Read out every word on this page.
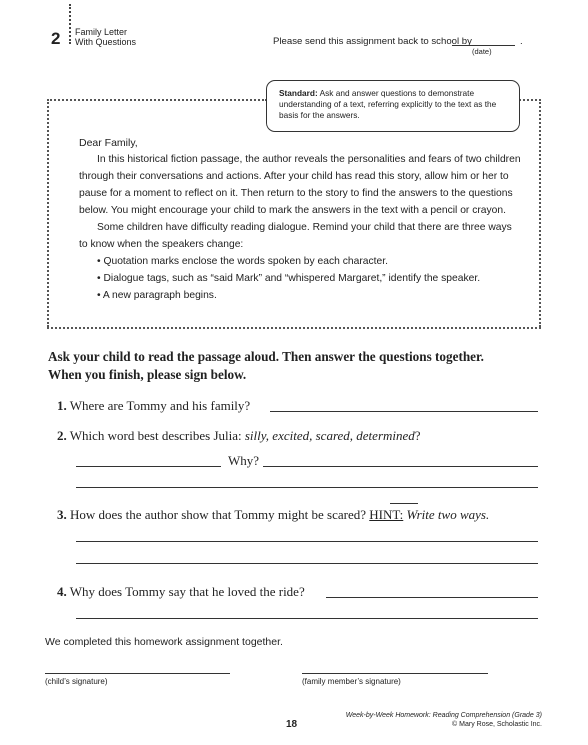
2 Family Letter
With Questions	Please send this assignment back to school by	.
(date)
Standard: Ask and answer questions to demonstrate
understanding of a text, referring explicitly to the text as the
basis for the answers.
Dear Family,
In this historical fiction passage, the author reveals the personalities and fears of two children
through their conversations and actions. After your child has read this story, allow him or her to
pause for a moment to reflect on it. Then return to the story to find the answers to the questions
below. You might encourage your child to mark the answers in the text with a pencil or crayon.
Some children have difficulty reading dialogue. Remind your child that there are three ways
to know when the speakers change:
• Quotation marks enclose the words spoken by each character.
• Dialogue tags, such as “said Mark” and “whispered Margaret,” identify the speaker.
• A new paragraph begins.
Ask your child to read the passage aloud. Then answer the questions together.
When you finish, please sign below.
1. Where are Tommy and his family?
2. Which word best describes Julia: silly, excited, scared, determined?
Why?
3. How does the author show that Tommy might be scared? HINT: Write two ways.
4. Why does Tommy say that he loved the ride?
We completed this homework assignment together.
(child’s signature)	(family member’s signature)
18
Week-by-Week Homework: Reading Comprehension (Grade 3)
© Mary Rose, Scholastic Inc.
